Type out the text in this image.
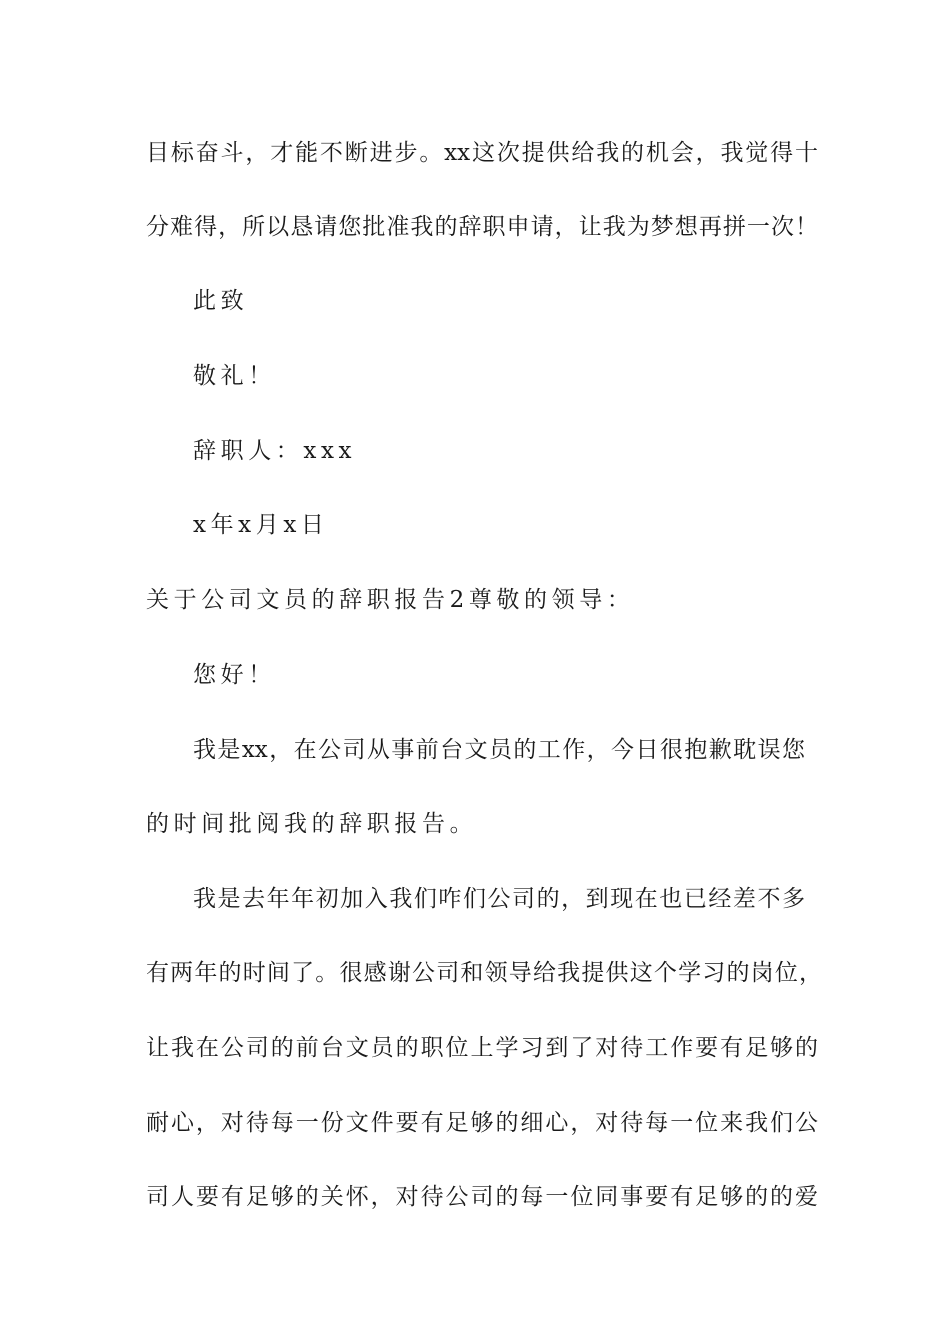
目标奋斗，才能不断进步。xx这次提供给我的机会，我觉得十
分难得，所以恳请您批准我的辞职申请，让我为梦想再拼一次！
此致
敬礼！
辞职人：xxx
x年x月x日
关于公司文员的辞职报告2尊敬的领导：
您好！
我是xx，在公司从事前台文员的工作，今日很抱歉耽误您
的时间批阅我的辞职报告。
我是去年年初加入我们咋们公司的，到现在也已经差不多
有两年的时间了。很感谢公司和领导给我提供这个学习的岗位，
让我在公司的前台文员的职位上学习到了对待工作要有足够的
耐心，对待每一份文件要有足够的细心，对待每一位来我们公
司人要有足够的关怀，对待公司的每一位同事要有足够的的爱
